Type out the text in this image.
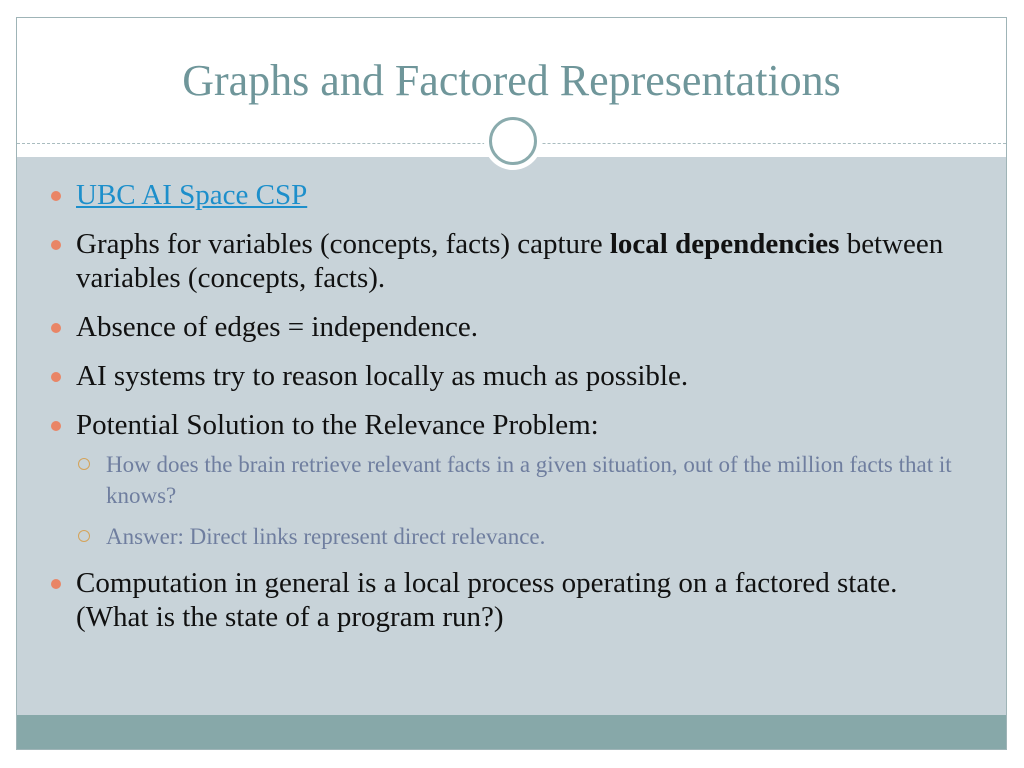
Graphs and Factored Representations
UBC AI Space CSP
Graphs for variables (concepts, facts) capture local dependencies between variables (concepts, facts).
Absence of edges = independence.
AI systems try to reason locally as much as possible.
Potential Solution to the Relevance Problem:
How does the brain retrieve relevant facts in a given situation, out of the million facts that it knows?
Answer: Direct links represent direct relevance.
Computation in general is a local process operating on a factored state. (What is the state of a program run?)
